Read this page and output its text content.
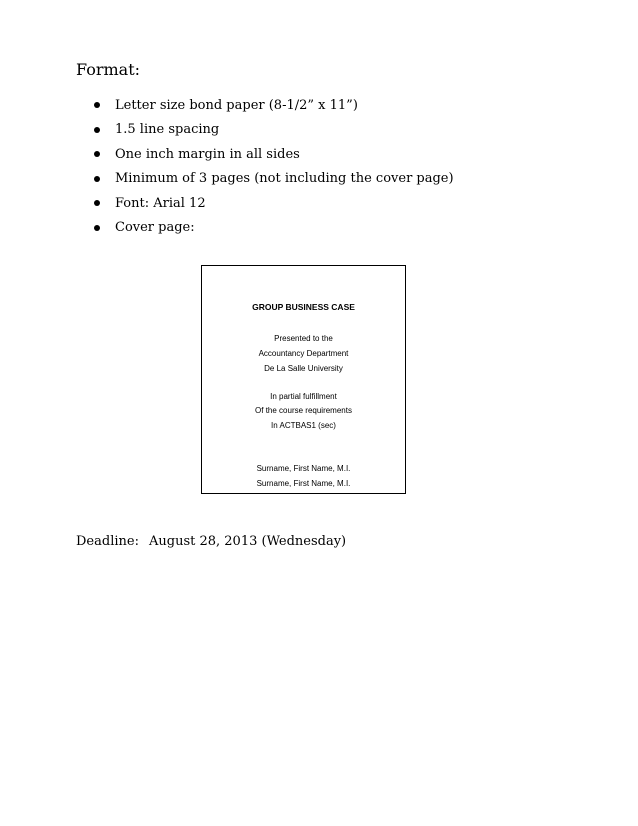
Format:
Letter size bond paper (8-1/2” x 11”)
1.5 line spacing
One inch margin in all sides
Minimum of 3 pages (not including the cover page)
Font: Arial 12
Cover page:

GROUP BUSINESS CASE

Presented to the

Accountancy Department

De La Salle University

In partial fulfillment

Of the course requirements

In ACTBAS1 (sec)

Surname, First Name, M.I.

Surname, First Name, M.I.

Deadline: August 28, 2013 (Wednesday)
